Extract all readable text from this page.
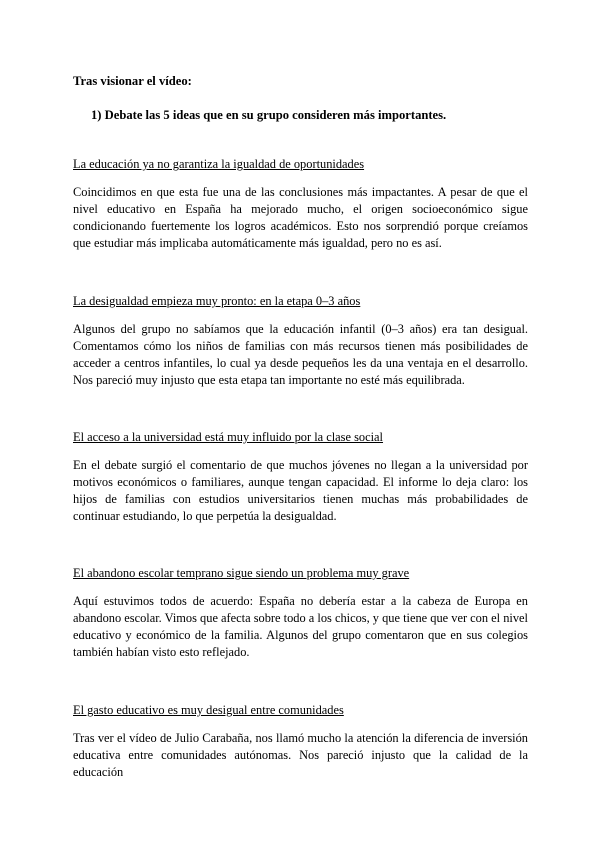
Tras visionar el vídeo:
1) Debate las 5 ideas que en su grupo consideren más importantes.
La educación ya no garantiza la igualdad de oportunidades
Coincidimos en que esta fue una de las conclusiones más impactantes. A pesar de que el nivel educativo en España ha mejorado mucho, el origen socioeconómico sigue condicionando fuertemente los logros académicos. Esto nos sorprendió porque creíamos que estudiar más implicaba automáticamente más igualdad, pero no es así.
La desigualdad empieza muy pronto: en la etapa 0–3 años
Algunos del grupo no sabíamos que la educación infantil (0–3 años) era tan desigual. Comentamos cómo los niños de familias con más recursos tienen más posibilidades de acceder a centros infantiles, lo cual ya desde pequeños les da una ventaja en el desarrollo. Nos pareció muy injusto que esta etapa tan importante no esté más equilibrada.
El acceso a la universidad está muy influido por la clase social
En el debate surgió el comentario de que muchos jóvenes no llegan a la universidad por motivos económicos o familiares, aunque tengan capacidad. El informe lo deja claro: los hijos de familias con estudios universitarios tienen muchas más probabilidades de continuar estudiando, lo que perpetúa la desigualdad.
El abandono escolar temprano sigue siendo un problema muy grave
Aquí estuvimos todos de acuerdo: España no debería estar a la cabeza de Europa en abandono escolar. Vimos que afecta sobre todo a los chicos, y que tiene que ver con el nivel educativo y económico de la familia. Algunos del grupo comentaron que en sus colegios también habían visto esto reflejado.
El gasto educativo es muy desigual entre comunidades
Tras ver el vídeo de Julio Carabaña, nos llamó mucho la atención la diferencia de inversión educativa entre comunidades autónomas. Nos pareció injusto que la calidad de la educación
